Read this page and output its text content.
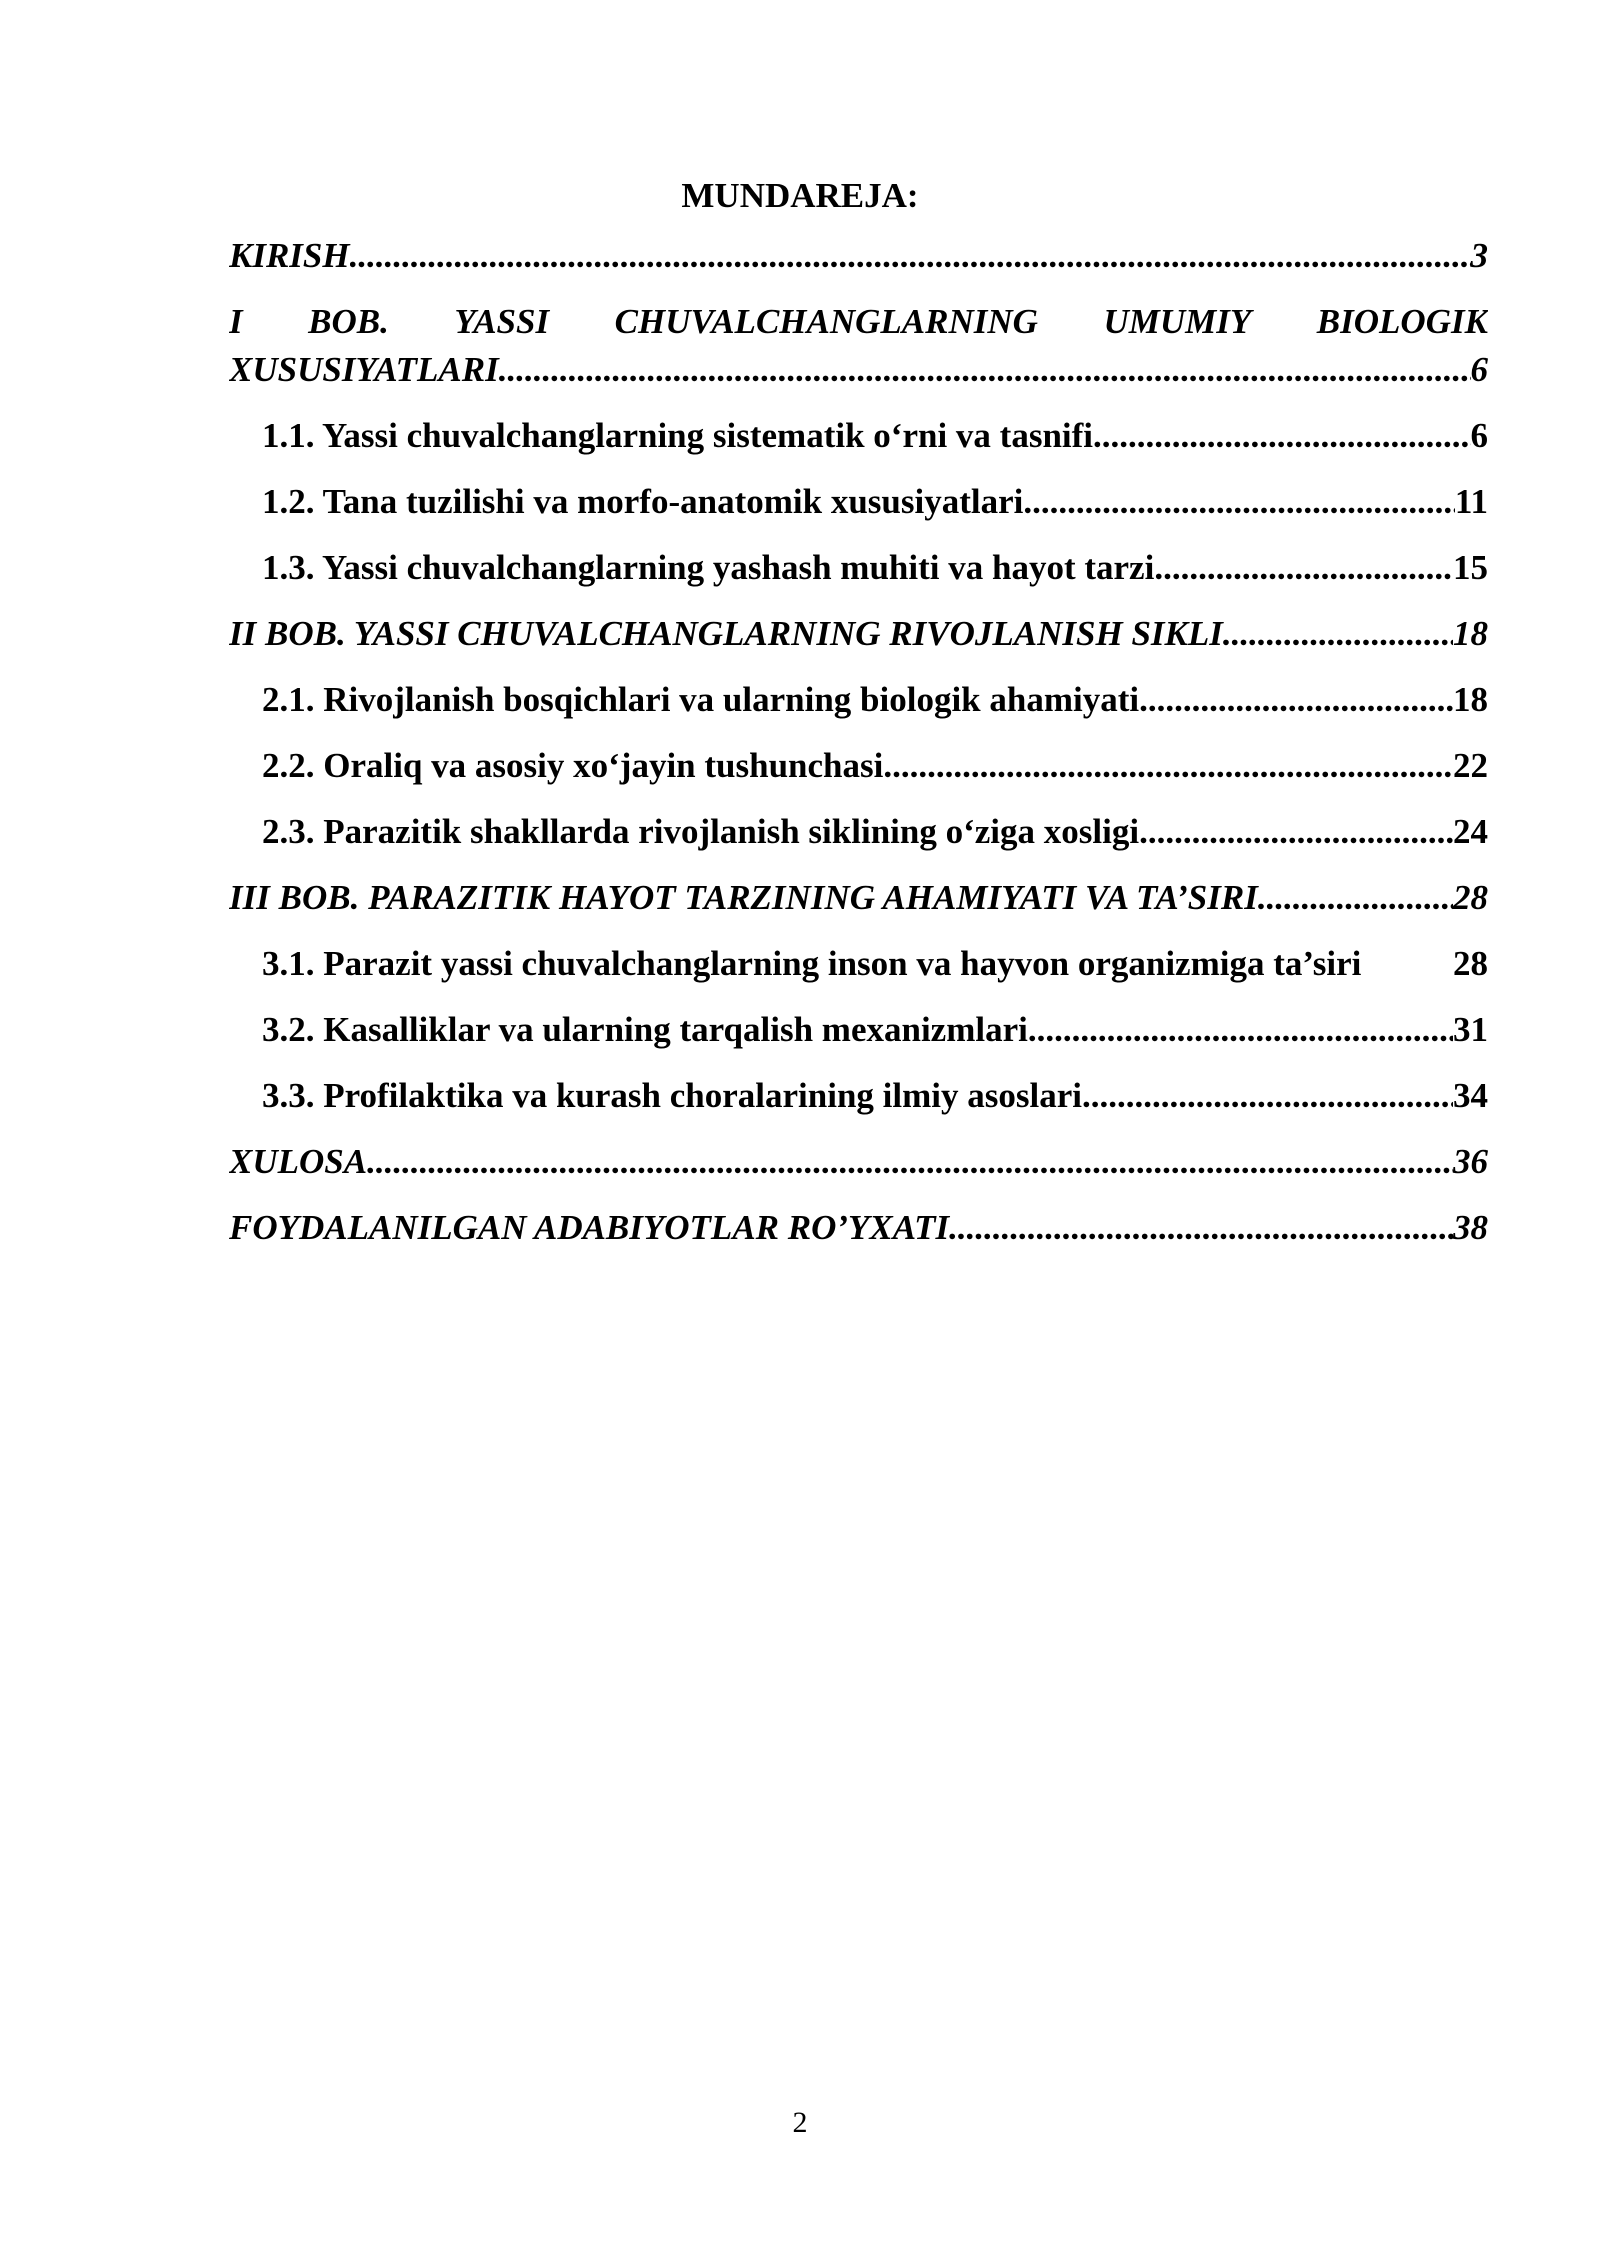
MUNDAREJA:
KIRISH .....	3
I BOB. YASSI CHUVALCHANGLARNING UMUMIY BIOLOGIK
XUSUSIYATLARI .....	6
1.1. Yassi chuvalchanglarning sistematik o‘rni va tasnifi .....	6
1.2. Tana tuzilishi va morfo-anatomik xususiyatlari .....	11
1.3. Yassi chuvalchanglarning yashash muhiti va hayot tarzi .....	15
II BOB. YASSI CHUVALCHANGLARNING RIVOJLANISH SIKLI .....	18
2.1. Rivojlanish bosqichlari va ularning biologik ahamiyati .....	18
2.2. Oraliq va asosiy xo‘jayin tushunchasi .....	22
2.3. Parazitik shakllarda rivojlanish siklining o‘ziga xosligi .....	24
III BOB. PARAZITIK HAYOT TARZINING AHAMIYATI VA TA’SIRI .....	28
3.1. Parazit yassi chuvalchanglarning inson va hayvon organizmiga ta’siri	28
3.2. Kasalliklar va ularning tarqalish mexanizmlari .....	31
3.3. Profilaktika va kurash choralarining ilmiy asoslari .....	34
XULOSA .....	36
FOYDALANILGAN ADABIYOTLAR RO’YXATI .....	38
2
